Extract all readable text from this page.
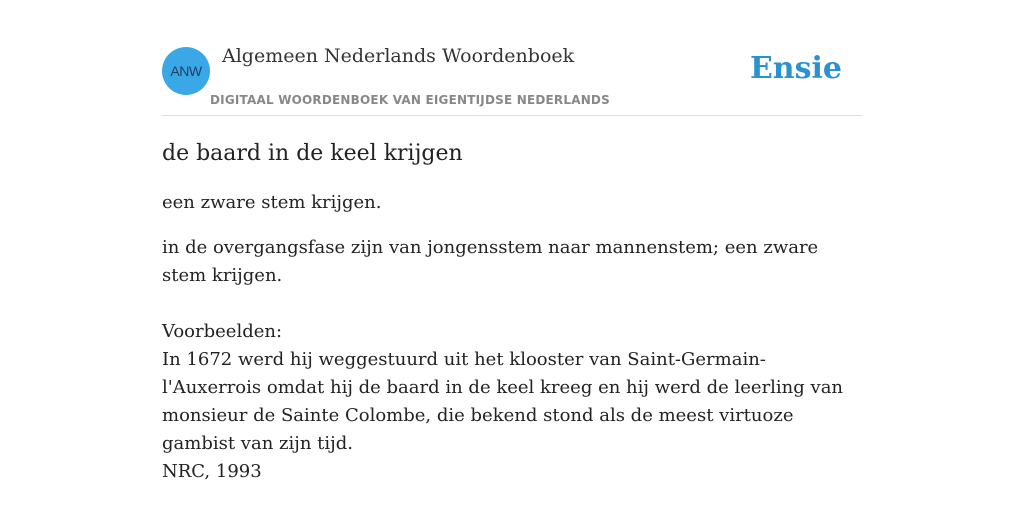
ANW
Algemeen Nederlands Woordenboek
DIGITAAL WOORDENBOEK VAN EIGENTIJDSE NEDERLANDS
Ensie
de baard in de keel krijgen

een zware stem krijgen.

in de overgangsfase zijn van jongensstem naar mannenstem; een zware stem krijgen.

Voorbeelden:
In 1672 werd hij weggestuurd uit het klooster van Saint-Germain-l'Auxerrois omdat hij de baard in de keel kreeg en hij werd de leerling van monsieur de Sainte Colombe, die bekend stond als de meest virtuoze gambist van zijn tijd.
NRC, 1993
